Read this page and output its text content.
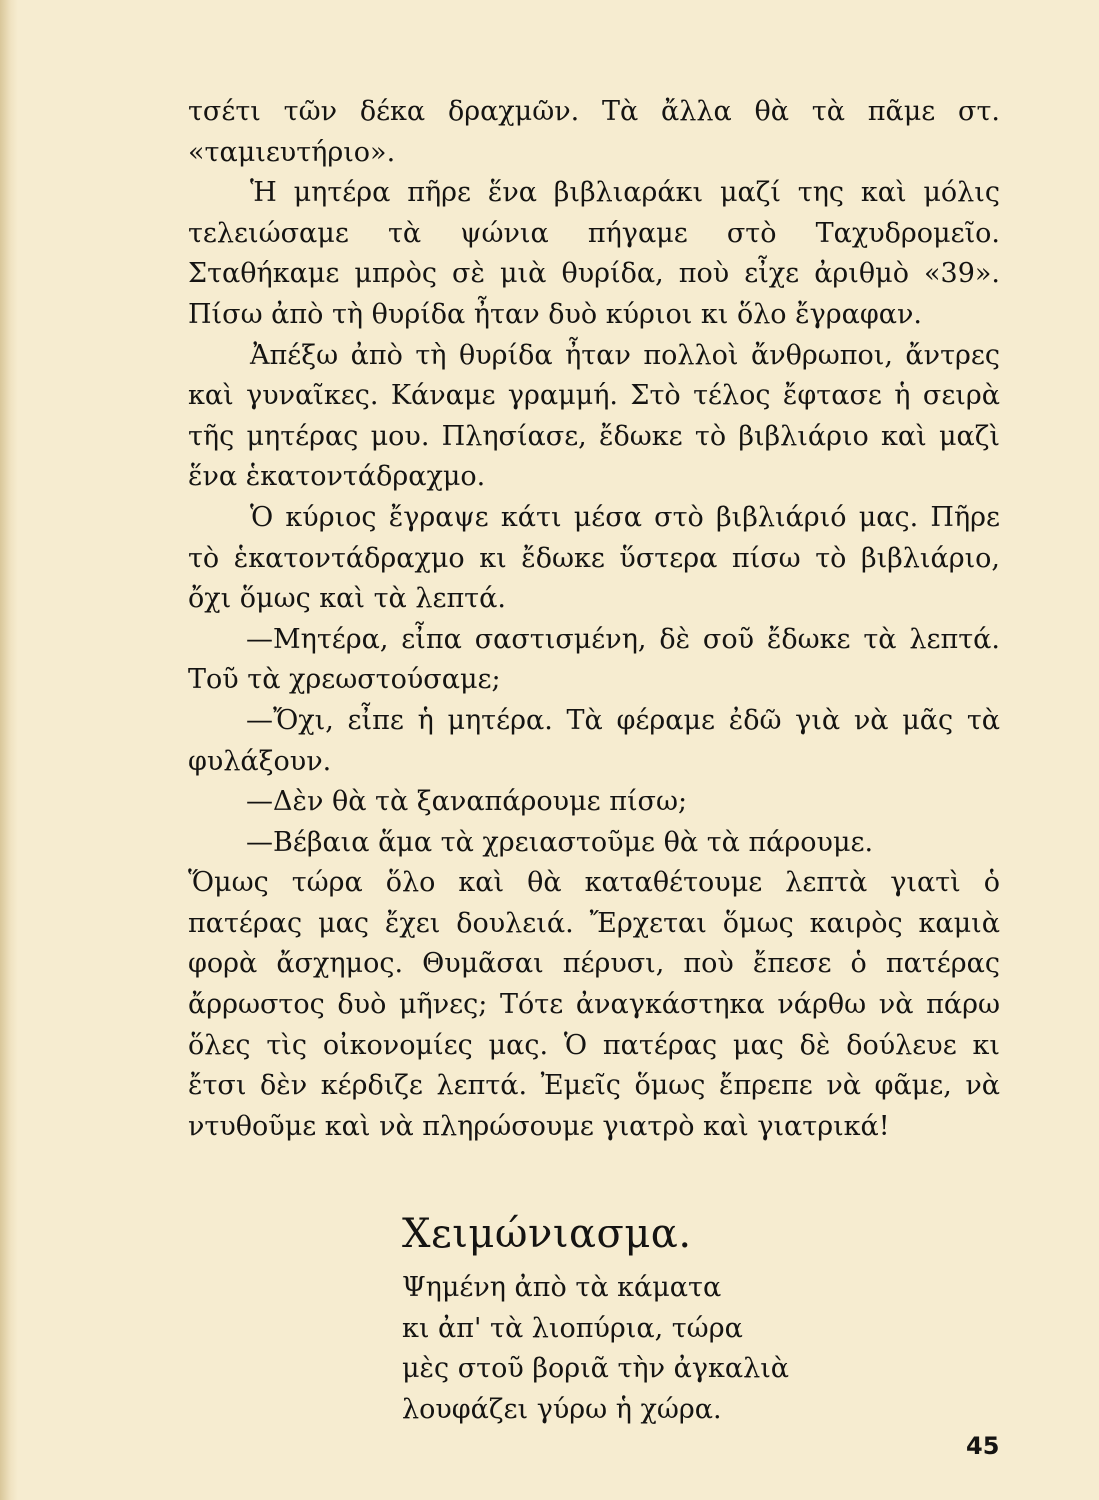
τσέτι τῶν δέκα δραχμῶν. Τὰ ἄλλα θὰ τὰ πᾶμε στ. «ταμιευτήριο».

Ἡ μητέρα πῆρε ἕνα βιβλιαράκι μαζί της καὶ μόλις τελειώσαμε τὰ ψώνια πήγαμε στὸ Ταχυδρομεῖο. Σταθήκαμε μπρὸς σὲ μιὰ θυρίδα, ποὺ εἶχε ἀριθμὸ «39». Πίσω ἀπὸ τὴ θυρίδα ἦταν δυὸ κύριοι κι ὅλο ἔγραφαν.

Ἀπέξω ἀπὸ τὴ θυρίδα ἦταν πολλοὶ ἄνθρωποι, ἄντρες καὶ γυναῖκες. Κάναμε γραμμή. Στὸ τέλος ἔφτασε ἡ σειρὰ τῆς μητέρας μου. Πλησίασε, ἔδωκε τὸ βιβλιάριο καὶ μαζὶ ἕνα ἑκατοντάδραχμο.

Ὁ κύριος ἔγραψε κάτι μέσα στὸ βιβλιάριό μας. Πῆρε τὸ ἑκατοντάδραχμο κι ἔδωκε ὕστερα πίσω τὸ βιβλιάριο, ὄχι ὅμως καὶ τὰ λεπτά.

—Μητέρα, εἶπα σαστισμένη, δὲ σοῦ ἔδωκε τὰ λεπτά. Τοῦ τὰ χρεωστούσαμε;

—Ὄχι, εἶπε ἡ μητέρα. Τὰ φέραμε ἐδῶ γιὰ νὰ μᾶς τὰ φυλάξουν.

—Δὲν θὰ τὰ ξαναπάρουμε πίσω;

—Βέβαια ἅμα τὰ χρειαστοῦμε θὰ τὰ πάρουμε.

Ὅμως τώρα ὅλο καὶ θὰ καταθέτουμε λεπτὰ γιατὶ ὁ πατέρας μας ἔχει δουλειά. Ἔρχεται ὅμως καιρὸς καμιὰ φορὰ ἄσχημος. Θυμᾶσαι πέρυσι, ποὺ ἔπεσε ὁ πατέρας ἄρρωστος δυὸ μῆνες; Τότε ἀναγκάστηκα νάρθω νὰ πάρω ὅλες τὶς οἰκονομίες μας. Ὁ πατέρας μας δὲ δούλευε κι ἔτσι δὲν κέρδιζε λεπτά. Ἐμεῖς ὅμως ἔπρεπε νὰ φᾶμε, νὰ ντυθοῦμε καὶ νὰ πληρώσουμε γιατρὸ καὶ γιατρικά!

Χειμώνιασμα.
Ψημένη ἀπὸ τὰ κάματα
κι ἀπ' τὰ λιοπύρια, τώρα
μὲς στοῦ βοριᾶ τὴν ἀγκαλιὰ
λουφάζει γύρω ἡ χώρα.
45
